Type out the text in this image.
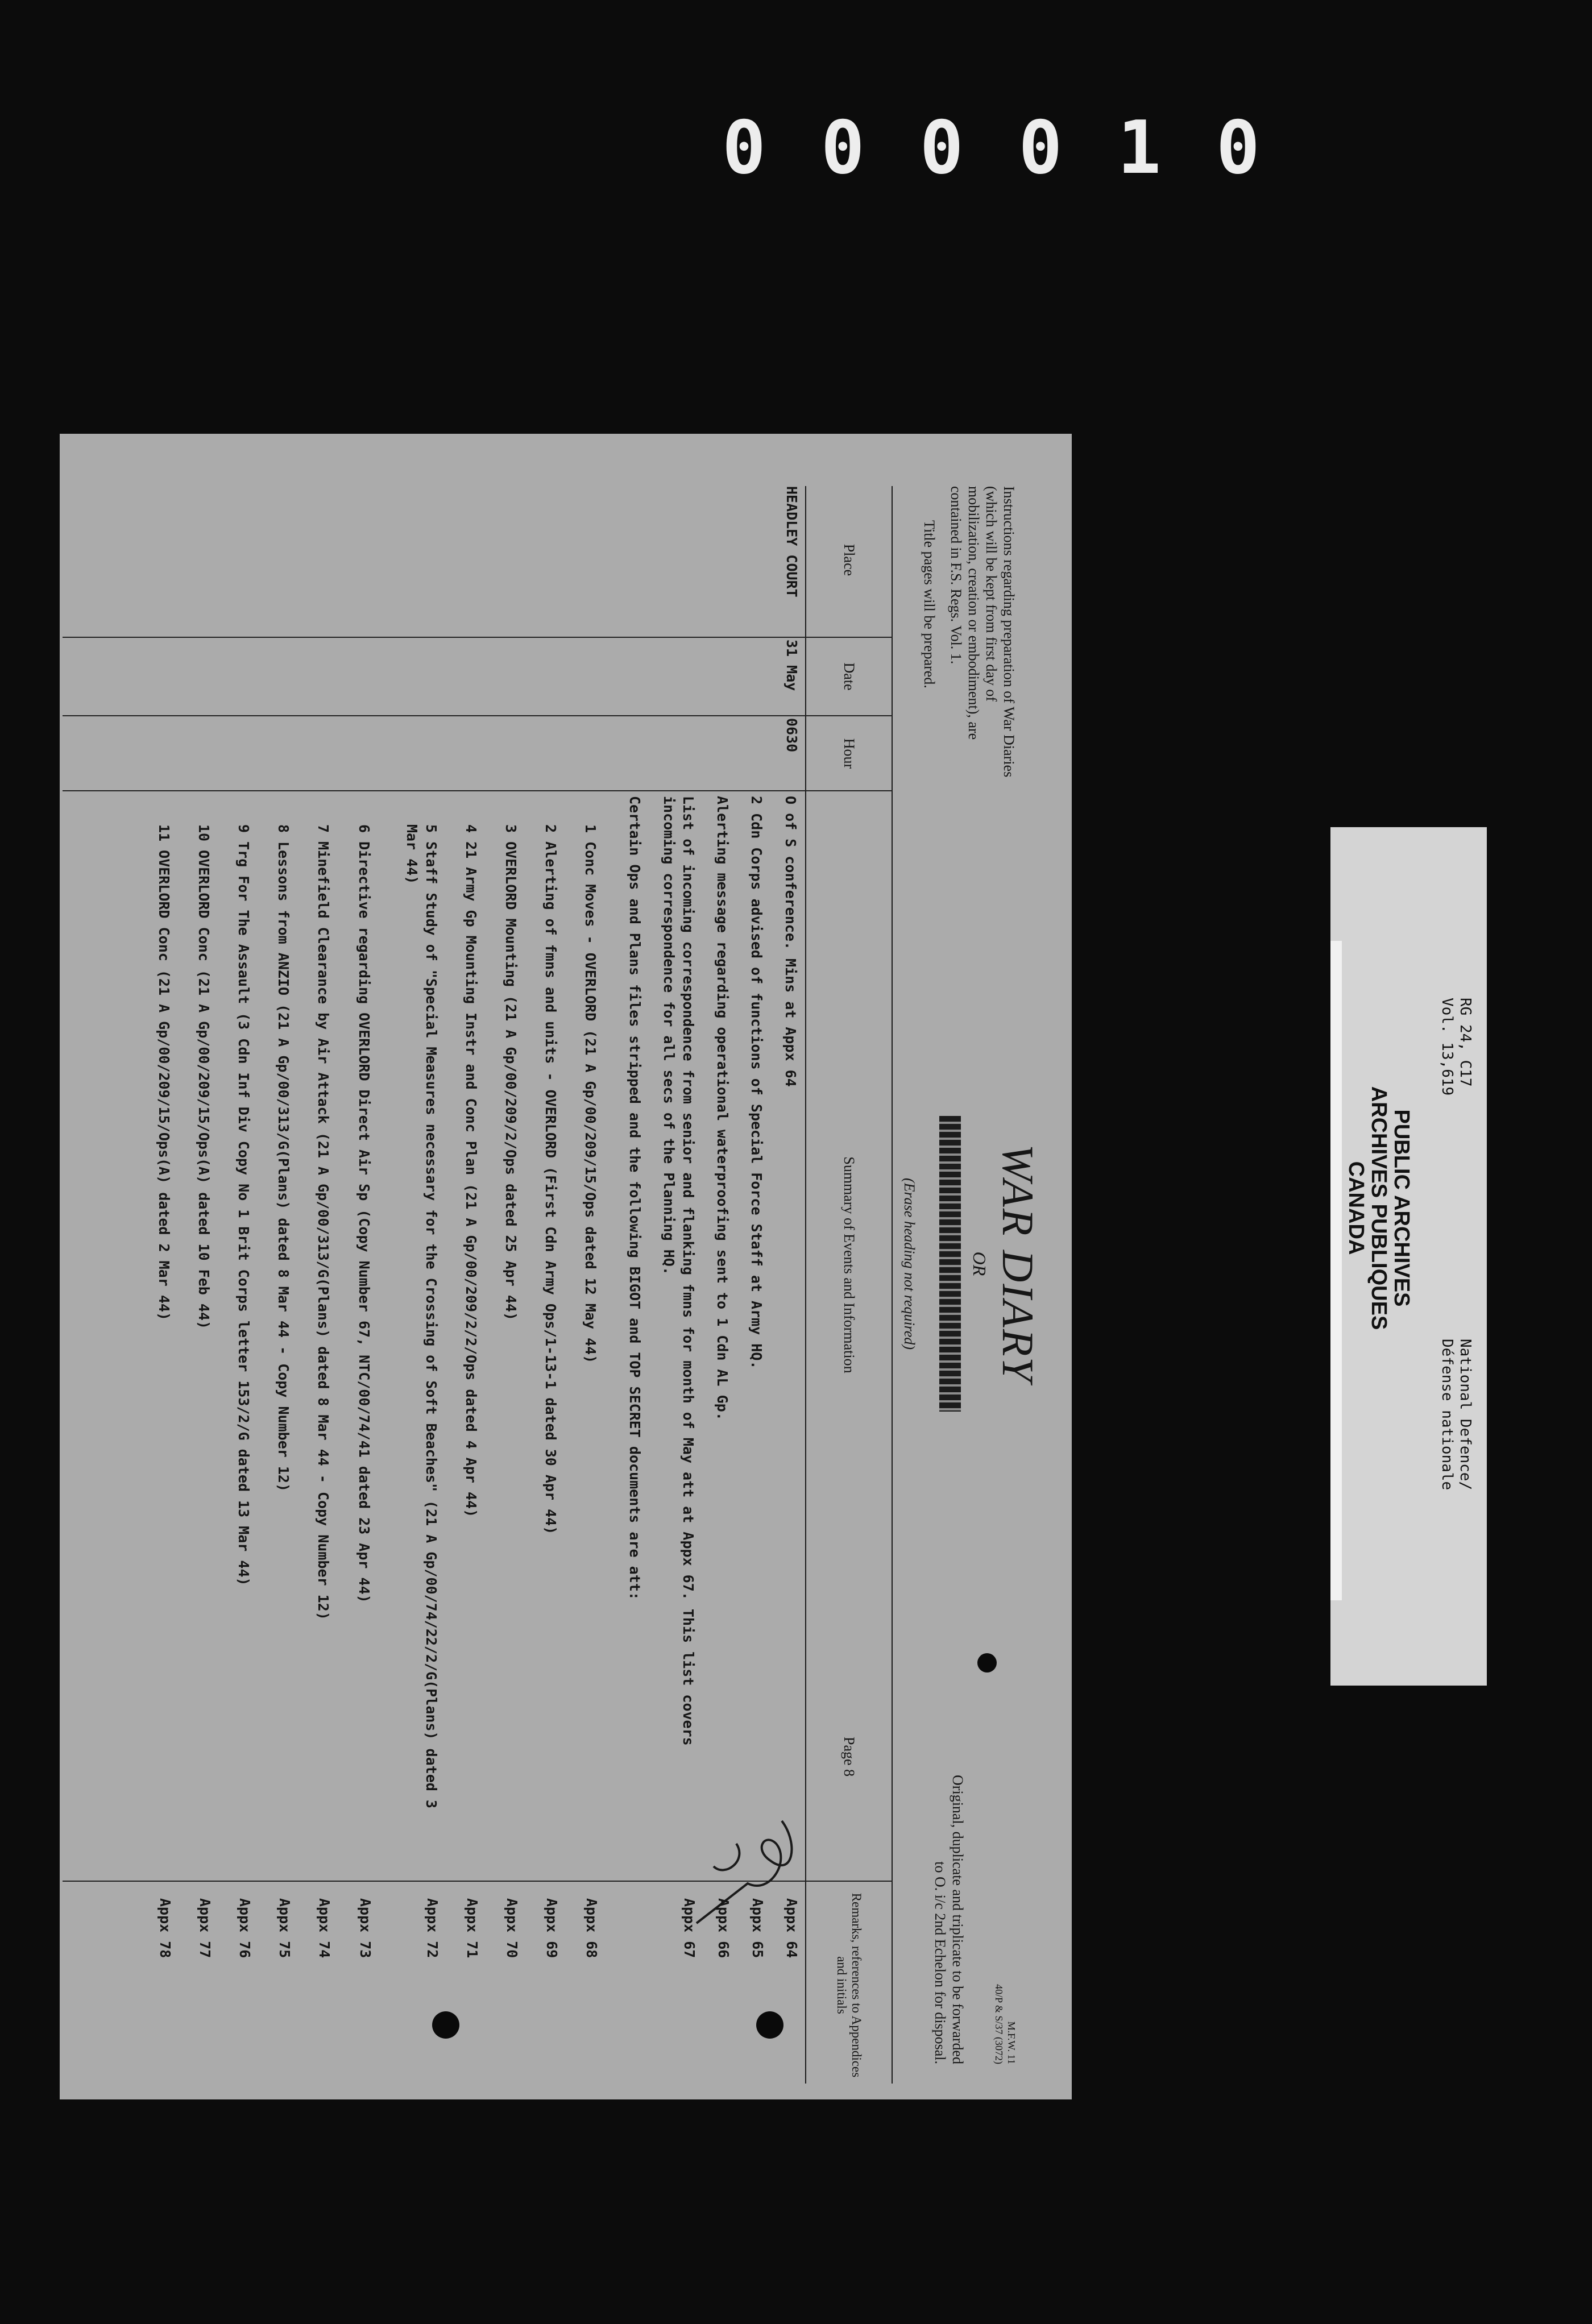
0 0 0 0 1 0
Instructions regarding preparation of War Diaries (which will be kept from first day of mobilization, creation or embodiment), are contained in F.S. Regs. Vol. 1.
Title pages will be prepared.
WAR DIARY
OR
(Erase heading not required)
M.F.W. 11
40/P & S/37 (3072)
Original, duplicate and triplicate to be forwarded to O. i/c 2nd Echelon for disposal.
Place
Date
Hour
Summary of Events and Information
Page 8
Remarks, references to Appendices and initials
HEADLEY COURT
31 May
0630
O of S conference. Mins at Appx 64
Appx 64
2 Cdn Corps advised of functions of Special Force Staff at Army HQ.
Appx 65
Alerting message regarding operational waterproofing sent to 1 Cdn AL Gp.
Appx 66
List of incoming correspondence from senior and flanking fmns for month of May att at Appx 67. This list covers incoming correspondence for all secs of the Planning HQ.
Appx 67
Certain Ops and Plans files stripped and the following BIGOT and TOP SECRET documents are att:
1 Conc Moves - OVERLORD (21 A Gp/00/209/15/Ops dated 12 May 44)
Appx 68
2 Alerting of fmns and units - OVERLORD (First Cdn Army Ops/1-13-1 dated 30 Apr 44)
Appx 69
3 OVERLORD Mounting (21 A Gp/00/209/2/Ops dated 25 Apr 44)
Appx 70
4 21 Army Gp Mounting Instr and Conc Plan (21 A Gp/00/209/2/2/Ops dated 4 Apr 44)
Appx 71
5 Staff Study of "Special Measures necessary for the Crossing of Soft Beaches" (21 A Gp/00/74/22/2/G(Plans) dated 3 Mar 44)
Appx 72
6 Directive regarding OVERLORD Direct Air Sp (Copy Number 67, NTC/00/74/41 dated 23 Apr 44)
Appx 73
7 Minefield Clearance by Air Attack (21 A Gp/00/313/G(Plans) dated 8 Mar 44 - Copy Number 12)
Appx 74
8 Lessons from ANZIO (21 A Gp/00/313/G(Plans) dated 8 Mar 44 - Copy Number 12)
Appx 75
9 Trg For The Assault (3 Cdn Inf Div Copy No 1 Brit Corps letter 153/2/G dated 13 Mar 44)
Appx 76
10 OVERLORD Conc (21 A Gp/00/209/15/Ops(A) dated 10 Feb 44)
Appx 77
11 OVERLORD Conc (21 A Gp/00/209/15/Ops(A) dated 2 Mar 44)
Appx 78
National Defence/
Défense nationale
RG 24, C17
Vol. 13,619
PUBLIC ARCHIVES
ARCHIVES PUBLIQUES
CANADA
